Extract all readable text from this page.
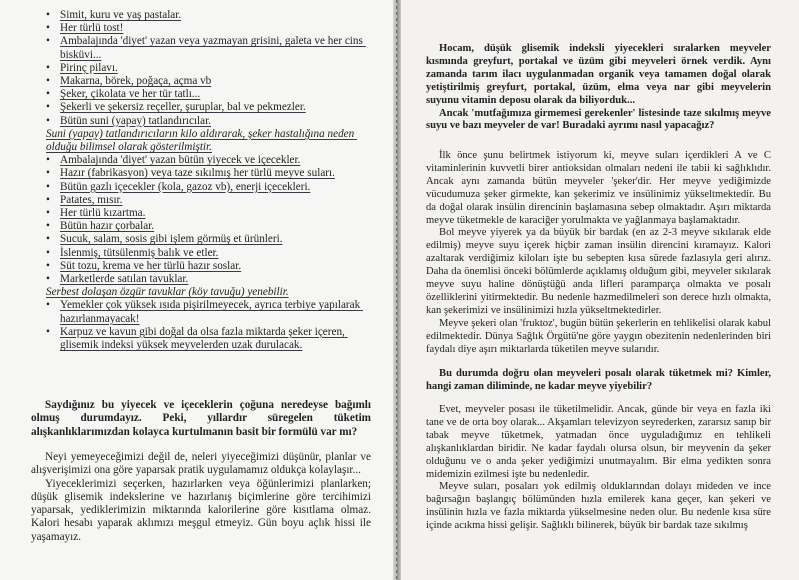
• Simit, kuru ve yaş pastalar.
• Her türlü tost!
• Ambalajında 'diyet' yazan veya yazmayan grisini, galeta ve her cins bisküvi...
• Pirinç pilavı.
• Makarna, börek, poğaça, açma vb
• Şeker, çikolata ve her tür tatlı...
• Şekerli ve şekersiz reçeller, şuruplar, bal ve pekmezler.
• Bütün suni (yapay) tatlandırıcılar.
Suni (yapay) tatlandırıcıların kilo aldırarak, şeker hastalığına neden olduğu bilimsel olarak gösterilmiştir.
• Ambalajında 'diyet' yazan bütün yiyecek ve içecekler.
• Hazır (fabrikasyon) veya taze sıkılmış her türlü meyve suları.
• Bütün gazlı içecekler (kola, gazoz vb), enerji içecekleri.
• Patates, mısır.
• Her türlü kızartma.
• Bütün hazır çorbalar.
• Sucuk, salam, sosis gibi işlem görmüş et ürünleri.
• İslenmiş, tütsülenmiş balık ve etler.
• Süt tozu, krema ve her türlü hazır soslar.
• Marketlerde satılan tavuklar.
Serbest dolaşan özgür tavuklar (köy tavuğu) yenebilir.
• Yemekler çok yüksek ısıda pişirilmeyecek, ayrıca terbiye yapılarak hazırlanmayacak!
• Karpuz ve kavun gibi doğal da olsa fazla miktarda şeker içeren, glisemik indeksi yüksek meyvelerden uzak durulacak.

Saydığınız bu yiyecek ve içeceklerin çoğuna neredeyse bağımlı olmuş durumdayız. Peki, yıllardır süregelen tüketim alışkanlıklarımızdan kolayca kurtulmanın basit bir formülü var mı?

Neyi yemeyeceğimizi değil de, neleri yiyeceğimizi düşünür, planlar ve alışverişimizi ona göre yaparsak pratik uygulamamız oldukça kolaylaşır...

Yiyeceklerimizi seçerken, hazırlarken veya öğünlerimizi planlarken; düşük glisemik indekslerine ve hazırlanış biçimlerine göre tercihimizi yaparsak, yediklerimizin miktarında kalorilerine göre kısıtlama olmaz. Kalori hesabı yaparak aklımızı meşgul etmeyiz. Gün boyu açlık hissi ile yaşamayız.

Hocam, düşük glisemik indeksli yiyecekleri sıralarken meyveler kısmında greyfurt, portakal ve üzüm gibi meyveleri örnek verdik. Aynı zamanda tarım ilacı uygulanmadan organik veya tamamen doğal olarak yetiştirilmiş greyfurt, portakal, üzüm, elma veya nar gibi meyvelerin suyunu vitamin deposu olarak da biliyorduk...

Ancak 'mutfağımıza girmemesi gerekenler' listesinde taze sıkılmış meyve suyu ve bazı meyveler de var! Buradaki ayrımı nasıl yapacağız?

İlk önce şunu belirtmek istiyorum ki, meyve suları içerdikleri A ve C vitaminlerinin kuvvetli birer antioksidan olmaları nedeni ile tabii ki sağlıklıdır. Ancak aynı zamanda bütün meyveler 'şeker'dir. Her meyve yediğimizde vücudumuza şeker girmekte, kan şekerimiz ve insülinimiz yükseltmektedir. Bu da doğal olarak insülin direncinin başlamasına sebep olmaktadır. Aşırı miktarda meyve tüketmekle de karaciğer yorulmakta ve yağlanmaya başlamaktadır.

Bol meyve yiyerek ya da büyük bir bardak (en az 2-3 meyve sıkılarak elde edilmiş) meyve suyu içerek hiçbir zaman insülin direncini kıramayız. Kalori azaltarak verdiğimiz kiloları işte bu sebepten kısa sürede fazlasıyla geri alırız. Daha da önemlisi önceki bölümlerde açıklamış olduğum gibi, meyveler sıkılarak meyve suyu haline dönüştüğü anda lifleri paramparça olmakta ve posalı özelliklerini yitirmektedir. Bu nedenle hazmedilmeleri son derece hızlı olmakta, kan şekerimizi ve insülinimizi hızla yükseltmektedirler.

Meyve şekeri olan 'fruktoz', bugün bütün şekerlerin en tehlikelisi olarak kabul edilmektedir. Dünya Sağlık Örgütü'ne göre yaygın obezitenin nedenlerinden biri faydalı diye aşırı miktarlarda tüketilen meyve sularıdır.

Bu durumda doğru olan meyveleri posalı olarak tüketmek mi? Kimler, hangi zaman diliminde, ne kadar meyve yiyebilir?

Evet, meyveler posası ile tüketilmelidir. Ancak, günde bir veya en fazla iki tane ve de orta boy olarak... Akşamları televizyon seyrederken, zararsız sanıp bir tabak meyve tüketmek, yatmadan önce uyguladığımız en tehlikeli alışkanlıklardan biridir. Ne kadar faydalı olursa olsun, bir meyvenin da şeker olduğunu ve o anda şeker yediğimizi unutmayalım. Bir elma yedikten sonra midemizin ezilmesi işte bu nedenledir.

Meyve suları, posaları yok edilmiş olduklarından dolayı mideden ve ince bağırsağın başlangıç bölümünden hızla emilerek kana geçer, kan şekeri ve insülinin hızla ve fazla miktarda yükselmesine neden olur. Bu nedenle kısa süre içinde acıkma hissi gelişir. Sağlıklı bilinerek, büyük bir bardak taze sıkılmış
